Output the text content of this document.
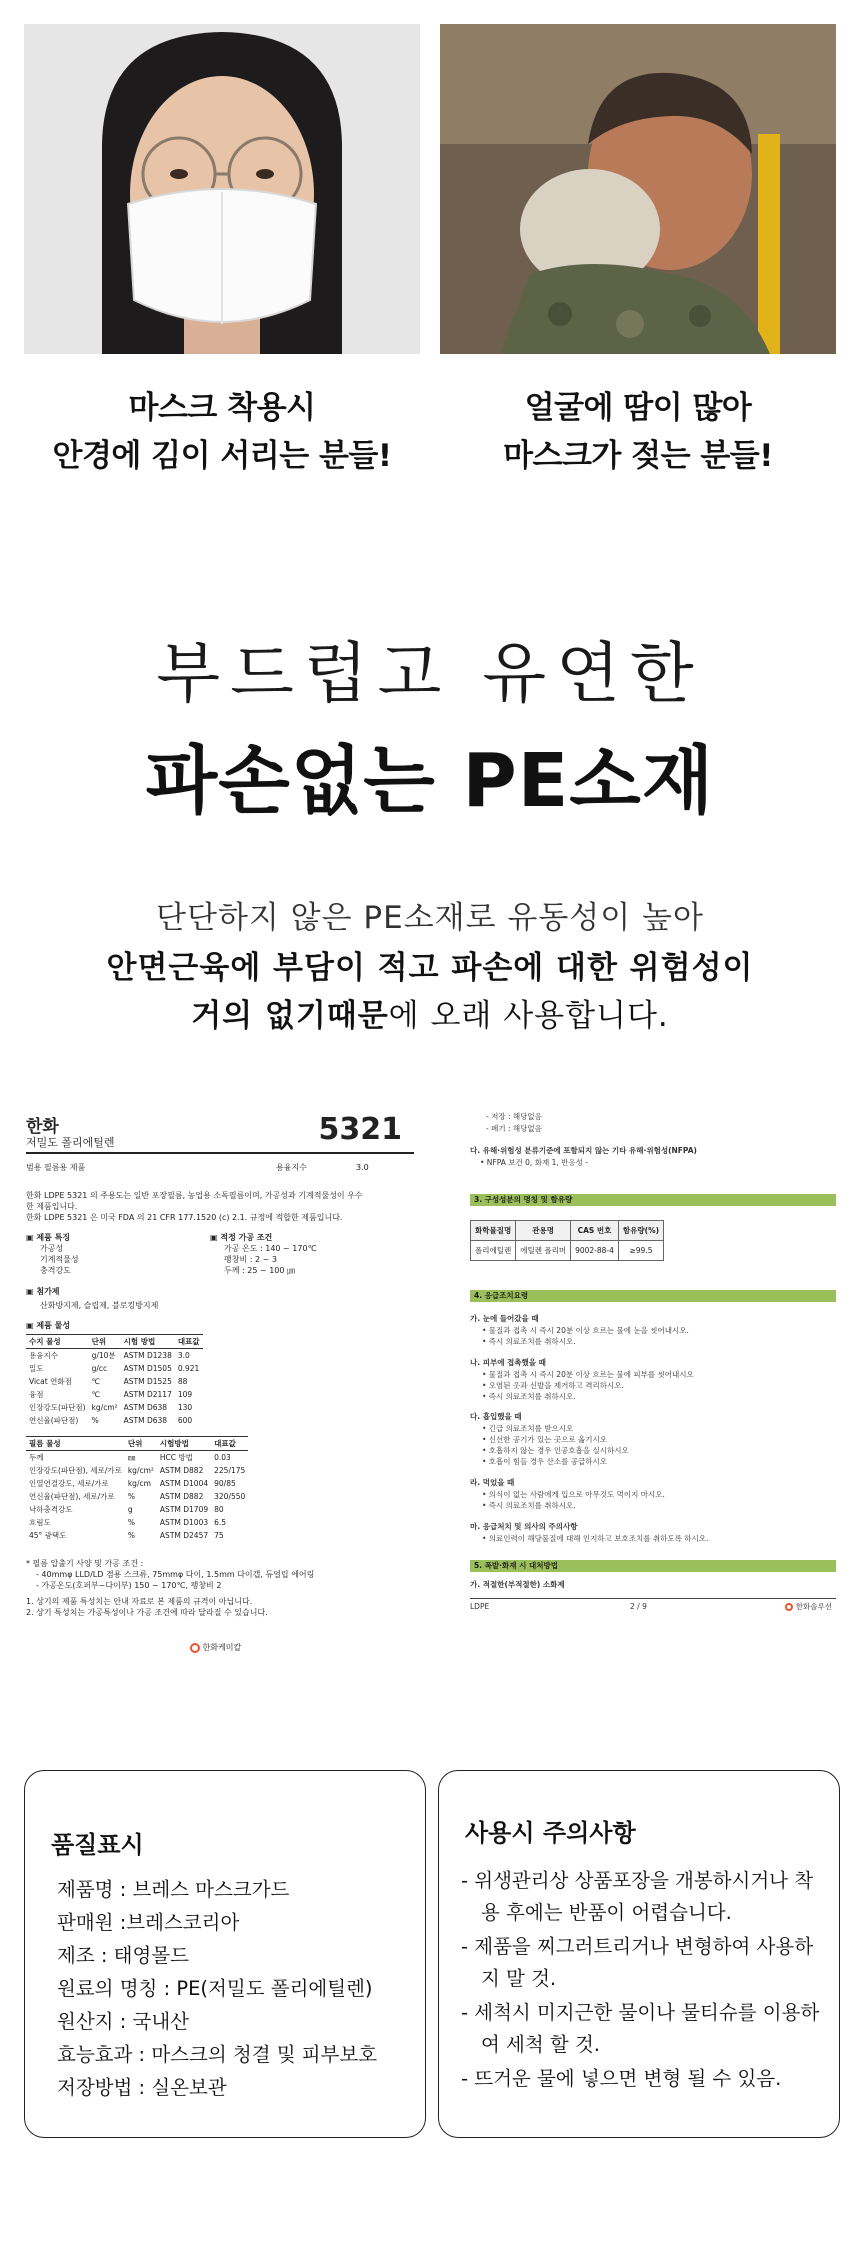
마스크 착용시
안경에 김이 서리는 분들!
얼굴에 땀이 많아
마스크가 젖는 분들!
부드럽고 유연한
파손없는 PE소재
단단하지 않은 PE소재로 유동성이 높아
안면근육에 부담이 적고 파손에 대한 위험성이
거의 없기때문에 오래 사용합니다.
한화
저밀도 폴리에틸렌	5321
범용 필름용 제품	용융지수	3.0
한화 LDPE 5321 의 주용도는 일반 포장필름, 농업용 소독필름이며, 가공성과 기계적물성이 우수
한 제품입니다.
한화 LDPE 5321 은 미국 FDA 의 21 CFR 177.1520 (c) 2.1. 규정에 적합한 제품입니다.
▣ 제품 특징	▣ 적정 가공 조건
가공성
기계적물성
충격강도
가공 온도 : 140 ~ 170℃
팽창비 : 2 ~ 3
두께 : 25 ~ 100 ㎛
▣ 첨가제
산화방지제, 슬립제, 블로킹방지제
▣ 제품 물성
수지 물성	단위	시험 방법	대표값
용융지수	g/10분	ASTM D1238	3.0
밀도	g/cc	ASTM D1505	0.921
Vicat 연화점	℃	ASTM D1525	88
융점	℃	ASTM D2117	109
인장강도(파단점)	kg/cm²	ASTM D638	130
연신율(파단점)	%	ASTM D638	600
필름 물성	단위	시험방법	대표값
두께	㎜	HCC 방법	0.03
인장강도(파단점), 세로/가로	kg/cm²	ASTM D882	225/175
인열연결강도, 세로/가로	kg/cm	ASTM D1004	90/85
연신율(파단점), 세로/가로	%	ASTM D882	320/550
낙하충격강도	g	ASTM D1709	80
흐림도	%	ASTM D1003	6.5
45° 광택도	%	ASTM D2457	75
* 필름 압출기 사양 및 가공 조건 :
- 40mmφ LLD/LD 겸용 스크류, 75mmφ 다이, 1.5mm 다이갭, 듀얼립 에어링
- 가공온도(호퍼부~다이부) 150 ~ 170℃, 팽창비 2
1. 상기의 제품 특성치는 안내 자료로 본 제품의 규격이 아닙니다.
2. 상기 특성치는 가공특성이나 가공 조건에 따라 달라질 수 있습니다.
한화케미칼
- 저장 : 해당없음
- 폐기 : 해당없음
다. 유해·위험성 분류기준에 포함되지 않는 기타 유해·위험성(NFPA)
• NFPA 보건 0, 화재 1, 반응성 -
3. 구성성분의 명칭 및 함유량
화학물질명	관용명	CAS 번호	함유량(%)
폴리에틸렌	에틸렌 폴리머	9002-88-4	≥99.5
4. 응급조치요령
가. 눈에 들어갔을 때
• 물질과 접촉 시 즉시 20분 이상 흐르는 물에 눈을 씻어내시오.
• 즉시 의료조치를 취하시오.
나. 피부에 접촉했을 때
• 물질과 접촉 시 즉시 20분 이상 흐르는 물에 피부를 씻어내시오
• 오염된 옷과 신발을 제거하고 격리하시오.
• 즉시 의료조치를 취하시오.
다. 흡입했을 때
• 긴급 의료조치를 받으시오
• 신선한 공기가 있는 곳으로 옮기시오
• 호흡하지 않는 경우 인공호흡을 실시하시오
• 호흡이 힘들 경우 산소를 공급하시오
라. 먹었을 때
• 의식이 없는 사람에게 입으로 아무것도 먹이지 마시오.
• 즉시 의료조치를 취하시오.
마. 응급처치 및 의사의 주의사항
• 의료인력이 해당물질에 대해 인지하고 보호조치를 취하도록 하시오.
5. 폭발·화재 시 대처방법
가. 적절한(부적절한) 소화제
LDPE	2 / 9	한화솔루션
품질표시
제품명 : 브레스 마스크가드
판매원 :브레스코리아
제조 : 태영몰드
원료의 명칭 : PE(저밀도 폴리에틸렌)
원산지 : 국내산
효능효과 : 마스크의 청결 및 피부보호
저장방법 : 실온보관
사용시 주의사항
- 위생관리상 상품포장을 개봉하시거나 착용 후에는 반품이 어렵습니다.
- 제품을 찌그러트리거나 변형하여 사용하지 말 것.
- 세척시 미지근한 물이나 물티슈를 이용하여 세척 할 것.
- 뜨거운 물에 넣으면 변형 될 수 있음.
